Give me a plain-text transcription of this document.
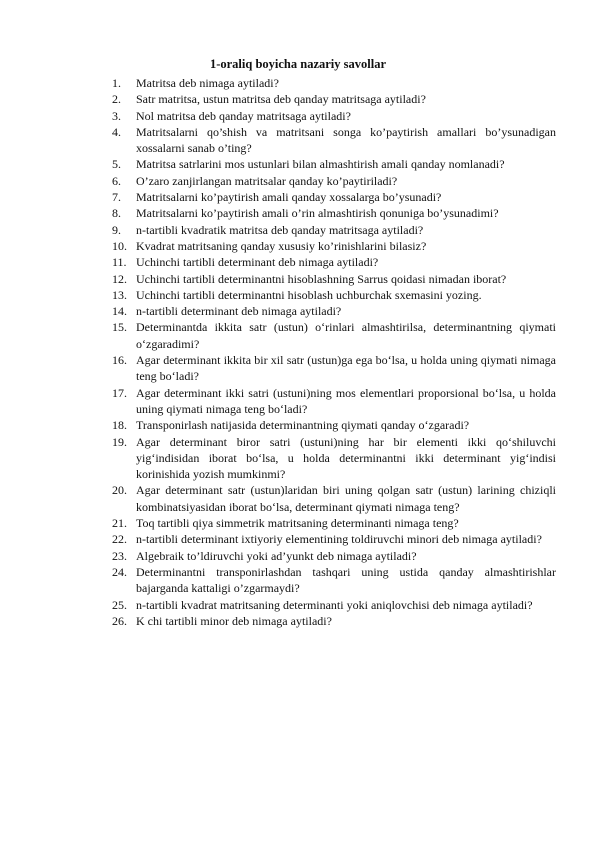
1-oraliq boyicha nazariy savollar
1.	Matritsa deb nimaga aytiladi?
2.	Satr matritsa, ustun matritsa deb qanday matritsaga aytiladi?
3.	Nol matritsa deb qanday matritsaga aytiladi?
4.	Matritsalarni qo’shish va matritsani songa ko’paytirish amallari bo’ysunadigan xossalarni sanab o’ting?
5.	Matritsa satrlarini mos ustunlari bilan almashtirish amali qanday nomlanadi?
6.	O’zaro zanjirlangan matritsalar qanday ko’paytiriladi?
7.	Matritsalarni ko’paytirish amali qanday xossalarga bo’ysunadi?
8.	Matritsalarni ko’paytirish amali o’rin almashtirish qonuniga bo’ysunadimi?
9.	n-tartibli kvadratik matritsa deb qanday matritsaga aytiladi?
10. Kvadrat matritsaning qanday xususiy ko’rinishlarini bilasiz?
11. Uchinchi tartibli determinant deb nimaga aytiladi?
12. Uchinchi tartibli determinantni hisoblashning Sarrus qoidasi nimadan iborat?
13. Uchinchi tartibli determinantni hisoblash uchburchak sxemasini yozing.
14. n-tartibli determinant deb nimaga aytiladi?
15. Determinantda ikkita satr (ustun) o‘rinlari almashtirilsa, determinantning qiymati o‘zgaradimi?
16. Agar determinant ikkita bir xil satr (ustun)ga ega bo‘lsa, u holda uning qiymati nimaga teng bo‘ladi?
17. Agar determinant ikki satri (ustuni)ning mos elementlari proporsional bo‘lsa, u holda uning qiymati nimaga teng bo‘ladi?
18. Transponirlash natijasida determinantning qiymati qanday o‘zgaradi?
19. Agar determinant biror satri (ustuni)ning har bir elementi ikki qo‘shiluvchi yig‘indisidan iborat bo‘lsa, u holda determinantni ikki determinant yig‘indisi korinishida yozish mumkinmi?
20. Agar determinant satr (ustun)laridan biri uning qolgan satr (ustun) larining chiziqli kombinatsiyasidan iborat bo‘lsa, determinant qiymati nimaga teng?
21. Toq tartibli qiya simmetrik matritsaning determinanti nimaga teng?
22. n-tartibli determinant ixtiyoriy elementining toldiruvchi minori deb nimaga aytiladi?
23. Algebraik to’ldiruvchi yoki ad’yunkt deb nimaga aytiladi?
24. Determinantni transponirlashdan tashqari uning ustida qanday almashtirishlar bajarganda kattaligi o’zgarmaydi?
25. n-tartibli kvadrat matritsaning determinanti yoki aniqlovchisi deb nimaga aytiladi?
26. K chi tartibli minor deb nimaga aytiladi?
